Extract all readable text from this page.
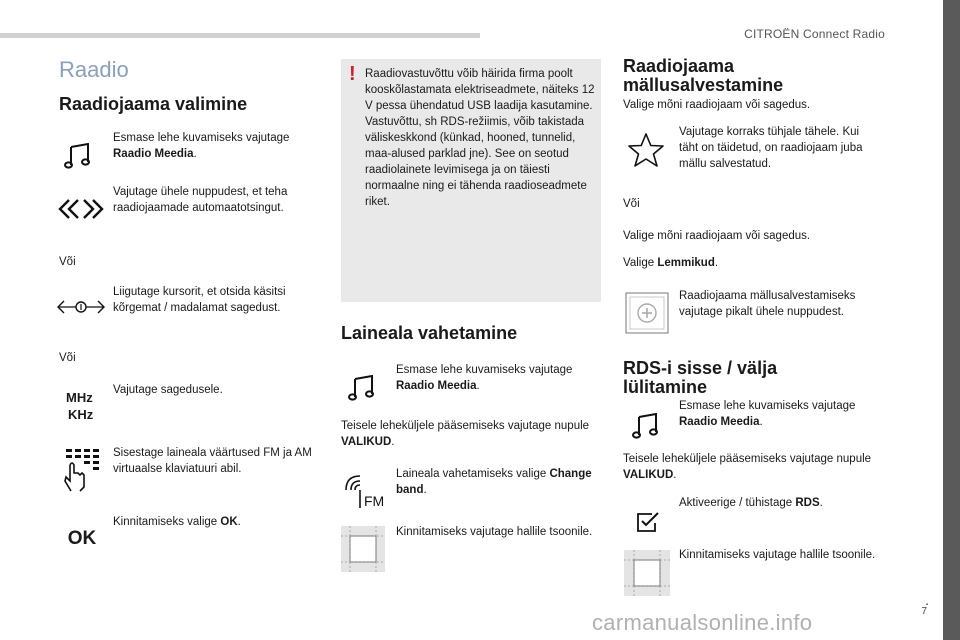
CITROËN Connect Radio
.
7
carmanualsonline.info
Raadio
Raadiojaama valimine
Esmase lehe kuvamiseks vajutage Raadio Meedia.
Vajutage ühele nuppudest, et teha raadiojaamade automaatotsingut.
Või
Liigutage kursorit, et otsida käsitsi kõrgemat / madalamat sagedust.
Või
MHz
KHz
Vajutage sagedusele.
Sisestage laineala väärtused FM ja AM virtuaalse klaviatuuri abil.
OK
Kinnitamiseks valige OK.
! Raadiovastuvõttu võib häirida firma poolt kooskõlastamata elektriseadmete, näiteks 12 V pessa ühendatud USB laadija kasutamine.
Vastuvõttu, sh RDS-režiimis, võib takistada väliskeskkond (künkad, hooned, tunnelid, maa-alused parklad jne). See on seotud raadiolainete levimisega ja on täiesti normaalne ning ei tähenda raadioseadmete riket.
Laineala vahetamine
Esmase lehe kuvamiseks vajutage Raadio Meedia.
Teisele leheküljele pääsemiseks vajutage nupule VALIKUD.
FM
Laineala vahetamiseks valige Change band.
Kinnitamiseks vajutage hallile tsoonile.
Raadiojaama mällusalvestamine
Valige mõni raadiojaam või sagedus.
Vajutage korraks tühjale tähele. Kui täht on täidetud, on raadiojaam juba mällu salvestatud.
Või
Valige mõni raadiojaam või sagedus.
Valige Lemmikud.
Raadiojaama mällusalvestamiseks vajutage pikalt ühele nuppudest.
RDS-i sisse / välja lülitamine
Esmase lehe kuvamiseks vajutage Raadio Meedia.
Teisele leheküljele pääsemiseks vajutage nupule VALIKUD.
Aktiveerige / tühistage RDS.
Kinnitamiseks vajutage hallile tsoonile.
